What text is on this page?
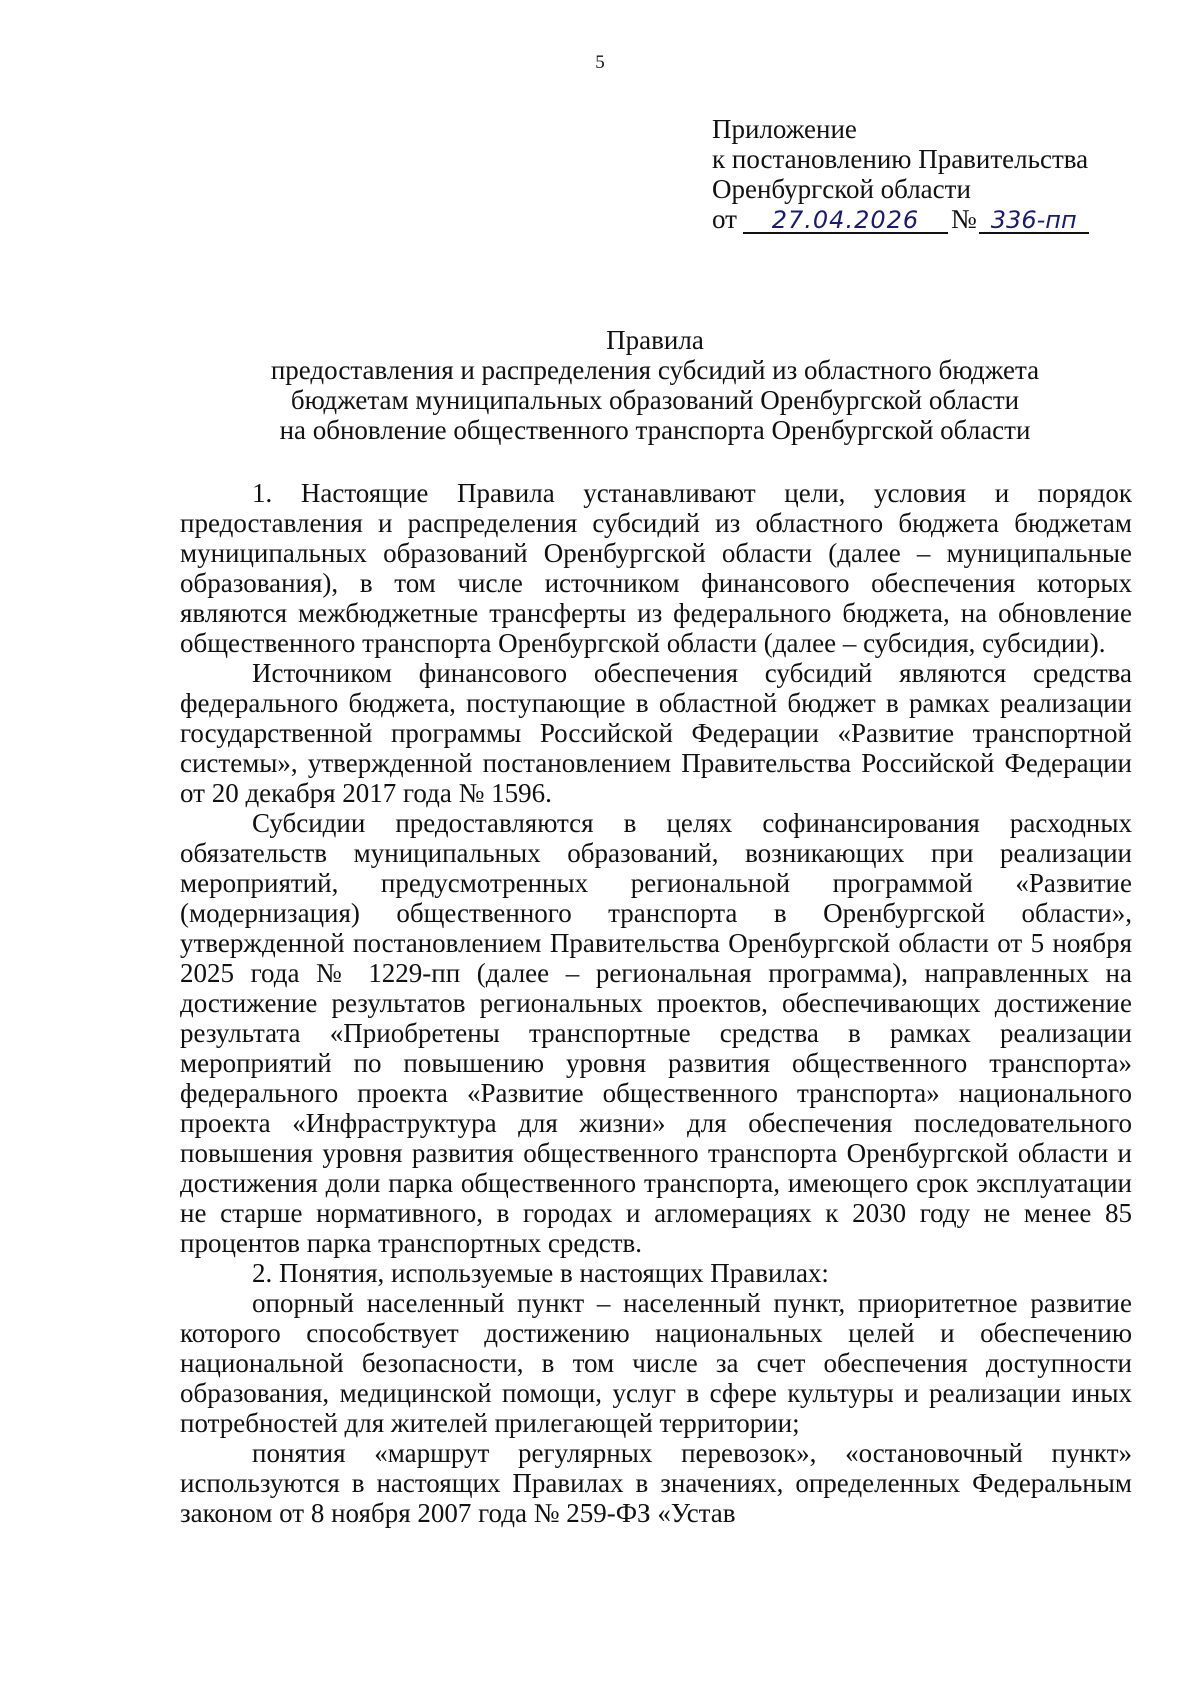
5
Приложение
к постановлению Правительства
Оренбургской области
от 27.04.2026 № 336-пп
Правила
предоставления и распределения субсидий из областного бюджета
бюджетам муниципальных образований Оренбургской области
на обновление общественного транспорта Оренбургской области

1. Настоящие Правила устанавливают цели, условия и порядок предоставления и распределения субсидий из областного бюджета бюджетам муниципальных образований Оренбургской области (далее – муниципальные образования), в том числе источником финансового обеспечения которых являются межбюджетные трансферты из федерального бюджета, на обновление общественного транспорта Оренбургской области (далее – субсидия, субсидии).

Источником финансового обеспечения субсидий являются средства федерального бюджета, поступающие в областной бюджет в рамках реализации государственной программы Российской Федерации «Развитие транспортной системы», утвержденной постановлением Правительства Российской Федерации от 20 декабря 2017 года № 1596.

Субсидии предоставляются в целях софинансирования расходных обязательств муниципальных образований, возникающих при реализации мероприятий, предусмотренных региональной программой «Развитие (модернизация) общественного транспорта в Оренбургской области», утвержденной постановлением Правительства Оренбургской области от 5 ноября 2025 года № 1229-пп (далее – региональная программа), направленных на достижение результатов региональных проектов, обеспечивающих достижение результата «Приобретены транспортные средства в рамках реализации мероприятий по повышению уровня развития общественного транспорта» федерального проекта «Развитие общественного транспорта» национального проекта «Инфраструктура для жизни» для обеспечения последовательного повышения уровня развития общественного транспорта Оренбургской области и достижения доли парка общественного транспорта, имеющего срок эксплуатации не старше нормативного, в городах и агломерациях к 2030 году не менее 85 процентов парка транспортных средств.

2. Понятия, используемые в настоящих Правилах:

опорный населенный пункт – населенный пункт, приоритетное развитие которого способствует достижению национальных целей и обеспечению национальной безопасности, в том числе за счет обеспечения доступности образования, медицинской помощи, услуг в сфере культуры и реализации иных потребностей для жителей прилегающей территории;

понятия «маршрут регулярных перевозок», «остановочный пункт» используются в настоящих Правилах в значениях, определенных Федеральным законом от 8 ноября 2007 года № 259-ФЗ «Устав
